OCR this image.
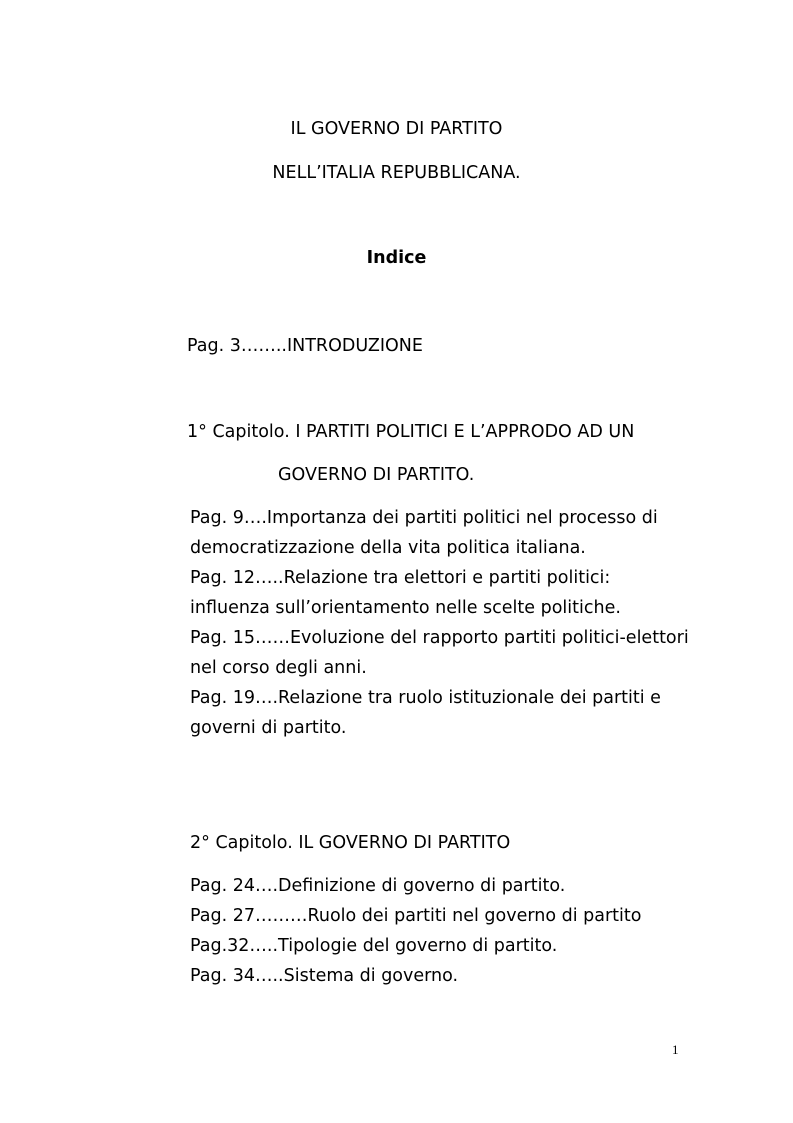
IL GOVERNO DI PARTITO
NELL’ITALIA REPUBBLICANA.
Indice
Pag. 3……..INTRODUZIONE
1° Capitolo. I PARTITI POLITICI E L’APPRODO AD UN
GOVERNO DI PARTITO.
Pag. 9….Importanza dei partiti politici nel processo di
democratizzazione della vita politica italiana.
Pag. 12…..Relazione tra elettori e partiti politici:
influenza sull’orientamento nelle scelte politiche.
Pag. 15……Evoluzione del rapporto partiti politici-elettori
nel corso degli anni.
Pag. 19….Relazione tra ruolo istituzionale dei partiti e
governi di partito.
2° Capitolo. IL GOVERNO DI PARTITO
Pag. 24….Definizione di governo di partito.
Pag. 27………Ruolo dei partiti nel governo di partito
Pag.32…..Tipologie del governo di partito.
Pag. 34…..Sistema di governo.
1
